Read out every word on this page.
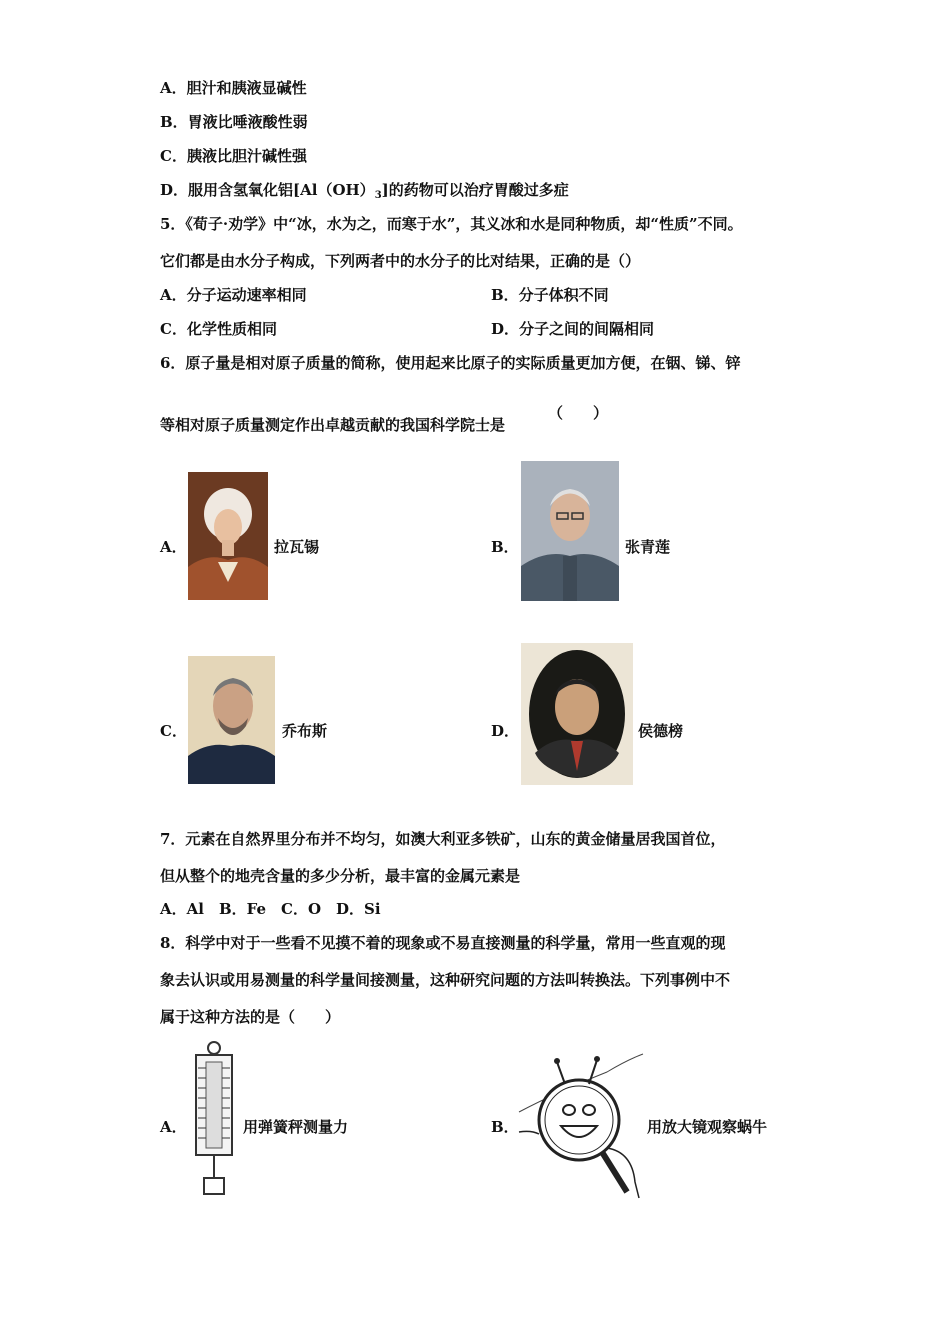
A．胆汁和胰液显碱性
B．胃液比唾液酸性弱
C．胰液比胆汁碱性强
D．服用含氢氧化铝$[Al(OH)_3]$的药物可以治疗胃酸过多症
5．《荀子·劝学》中“冰，水为之，而寒于水”，其义冰和水是同种物质，却“性质”不同。
它们都是由水分子构成，下列两者中的水分子的比对结果，正确的是（）
A．分子运动速率相同	B．分子体积不同
C．化学性质相同	D．分子之间的间隔相同
6．原子量是相对原子质量的简称，使用起来比原子的实际质量更加方便，在铟、锑、锌
等相对原子质量测定作出卓越贡献的我国科学院士是
（　　）
A．	拉瓦锡	B．	张青莲
C．	乔布斯	D．	侯德榜
7．元素在自然界里分布并不均匀，如澳大利亚多铁矿，山东的黄金储量居我国首位，
但从整个的地壳含量的多少分析，最丰富的金属元素是
A．Al　B．Fe　C．O　D．Si
8．科学中对于一些看不见摸不着的现象或不易直接测量的科学量，常用一些直观的现
象去认识或用易测量的科学量间接测量，这种研究问题的方法叫转换法。下列事例中不
属于这种方法的是（　　）
A．	用弹簧秤测量力	B．	用放大镜观察蜗牛
